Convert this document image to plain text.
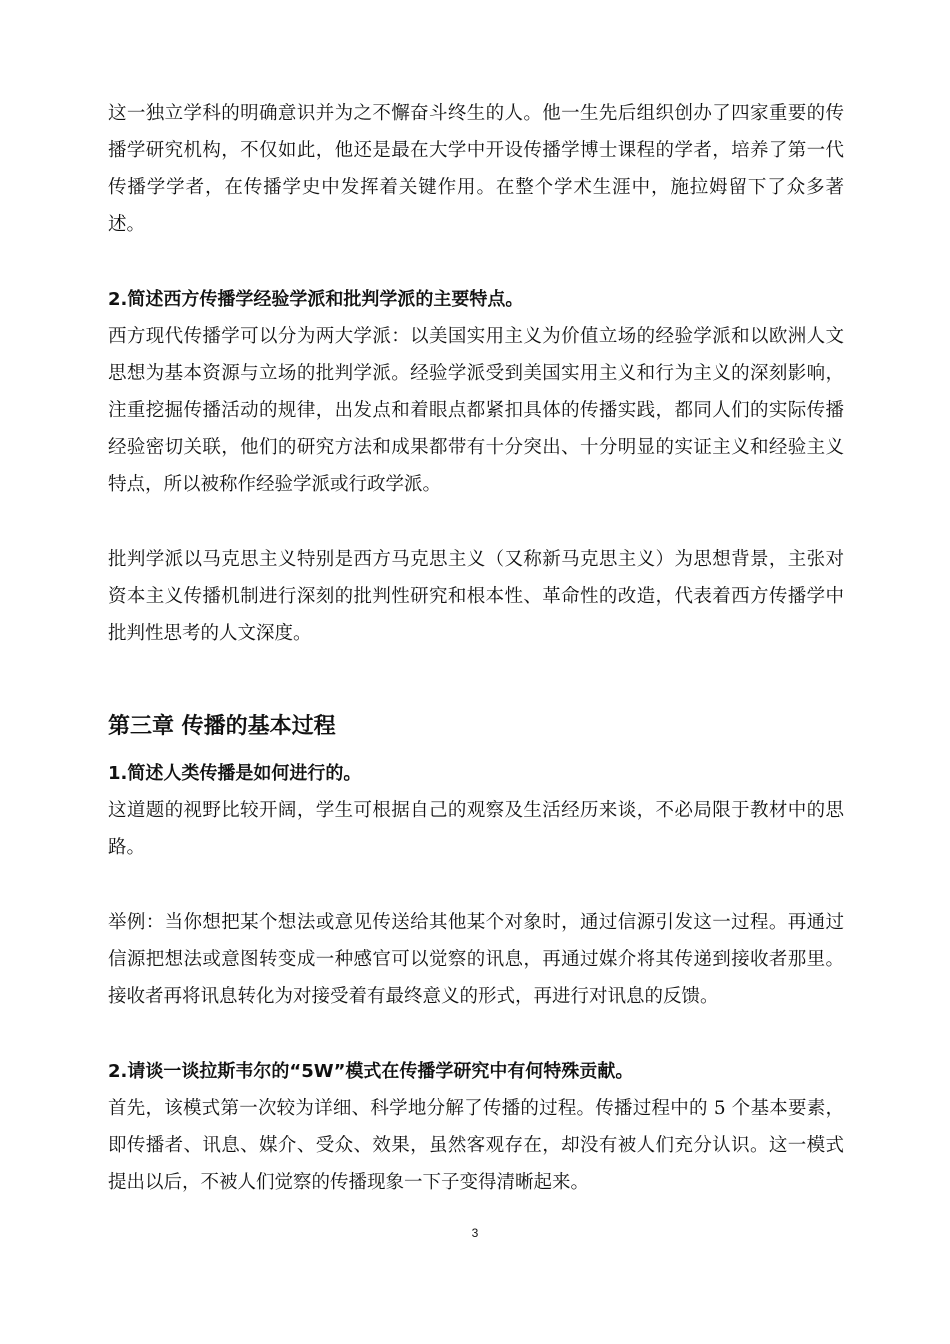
这一独立学科的明确意识并为之不懈奋斗终生的人。他一生先后组织创办了四家重要的传播学研究机构，不仅如此，他还是最在大学中开设传播学博士课程的学者，培养了第一代传播学学者，在传播学史中发挥着关键作用。在整个学术生涯中，施拉姆留下了众多著述。

2.简述西方传播学经验学派和批判学派的主要特点。

西方现代传播学可以分为两大学派：以美国实用主义为价值立场的经验学派和以欧洲人文思想为基本资源与立场的批判学派。经验学派受到美国实用主义和行为主义的深刻影响，注重挖掘传播活动的规律，出发点和着眼点都紧扣具体的传播实践，都同人们的实际传播经验密切关联，他们的研究方法和成果都带有十分突出、十分明显的实证主义和经验主义特点，所以被称作经验学派或行政学派。

批判学派以马克思主义特别是西方马克思主义（又称新马克思主义）为思想背景，主张对资本主义传播机制进行深刻的批判性研究和根本性、革命性的改造，代表着西方传播学中批判性思考的人文深度。

第三章 传播的基本过程

1.简述人类传播是如何进行的。

这道题的视野比较开阔，学生可根据自己的观察及生活经历来谈，不必局限于教材中的思路。

举例：当你想把某个想法或意见传送给其他某个对象时，通过信源引发这一过程。再通过信源把想法或意图转变成一种感官可以觉察的讯息，再通过媒介将其传递到接收者那里。接收者再将讯息转化为对接受着有最终意义的形式，再进行对讯息的反馈。

2.请谈一谈拉斯韦尔的“5W”模式在传播学研究中有何特殊贡献。

首先，该模式第一次较为详细、科学地分解了传播的过程。传播过程中的 5 个基本要素，即传播者、讯息、媒介、受众、效果，虽然客观存在，却没有被人们充分认识。这一模式提出以后，不被人们觉察的传播现象一下子变得清晰起来。

3
